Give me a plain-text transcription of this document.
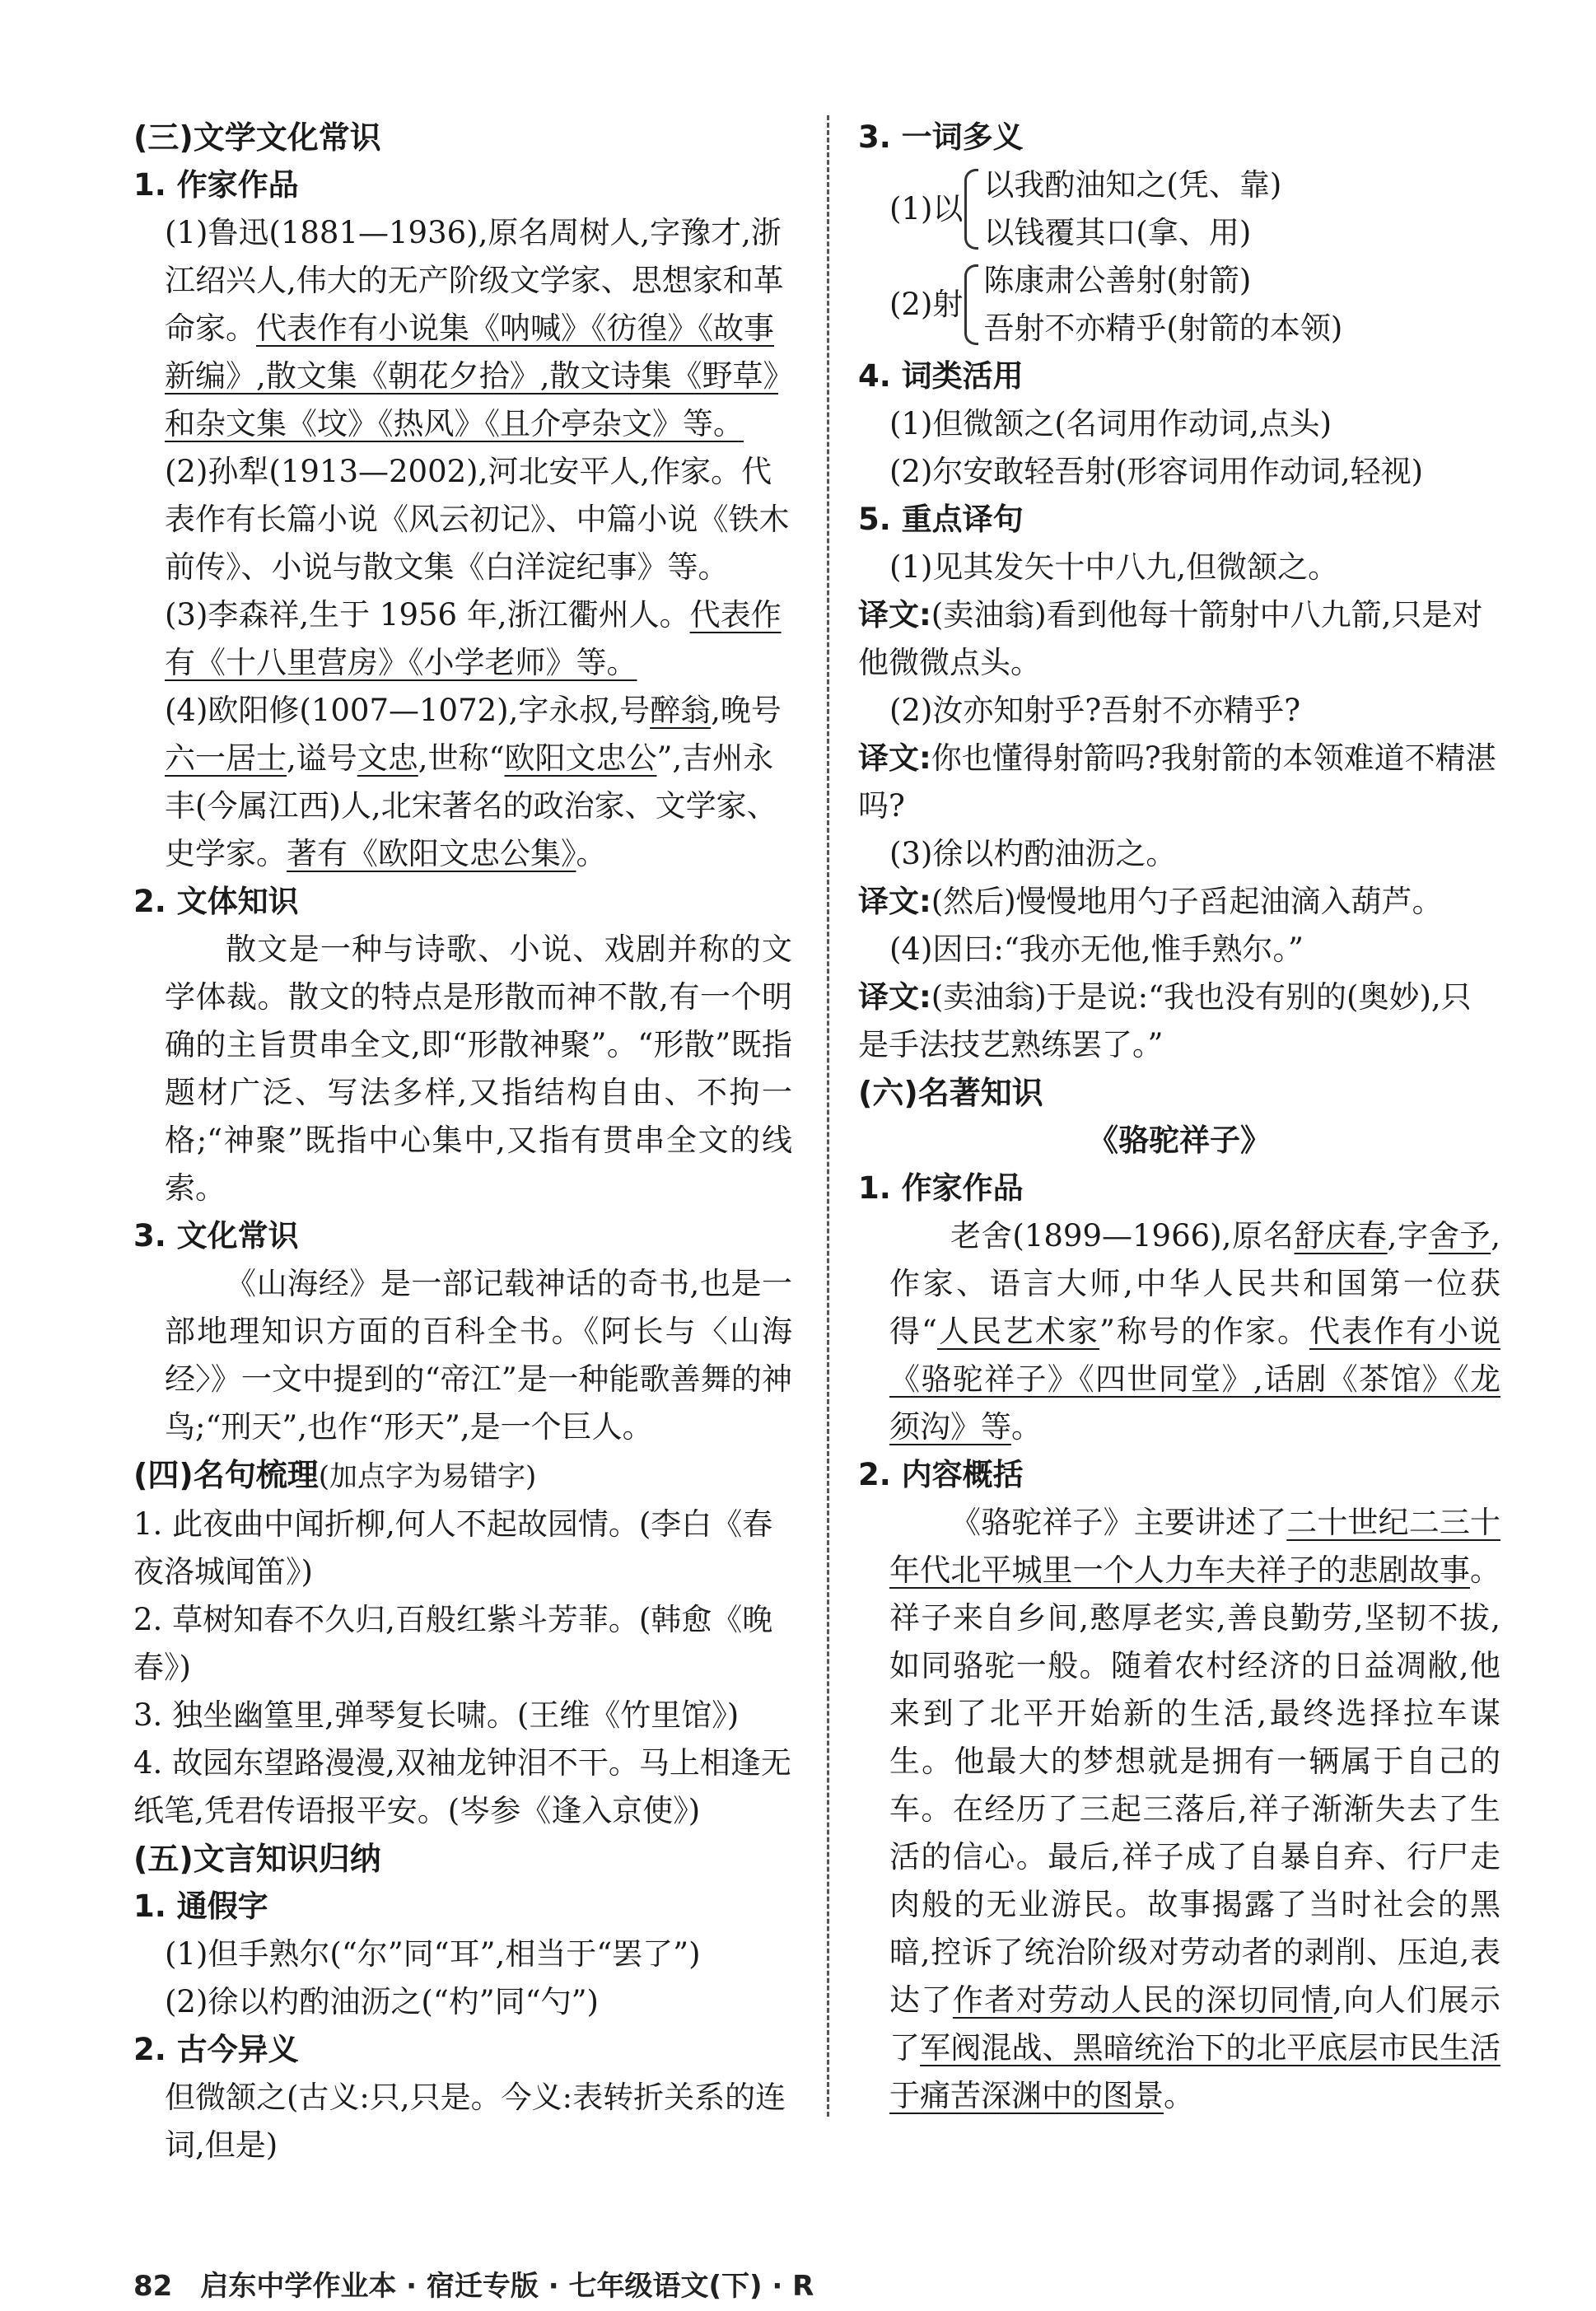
(三)文学文化常识
1. 作家作品
(1)鲁迅(1881—1936),原名周树人,字豫才,浙江绍兴人,伟大的无产阶级文学家、思想家和革命家。代表作有小说集《呐喊》《彷徨》《故事新编》,散文集《朝花夕拾》,散文诗集《野草》和杂文集《坟》《热风》《且介亭杂文》等。
(2)孙犁(1913—2002),河北安平人,作家。代表作有长篇小说《风云初记》、中篇小说《铁木前传》、小说与散文集《白洋淀纪事》等。
(3)李森祥,生于 1956 年,浙江衢州人。代表作有《十八里营房》《小学老师》等。
(4)欧阳修(1007—1072),字永叔,号醉翁,晚号六一居士,谥号文忠,世称“欧阳文忠公”,吉州永丰(今属江西)人,北宋著名的政治家、文学家、史学家。著有《欧阳文忠公集》。
2. 文体知识
散文是一种与诗歌、小说、戏剧并称的文学体裁。散文的特点是形散而神不散,有一个明确的主旨贯串全文,即“形散神聚”。“形散”既指题材广泛、写法多样,又指结构自由、不拘一格;“神聚”既指中心集中,又指有贯串全文的线索。
3. 文化常识
《山海经》是一部记载神话的奇书,也是一部地理知识方面的百科全书。《阿长与〈山海经〉》一文中提到的“帝江”是一种能歌善舞的神鸟;“刑天”,也作“形天”,是一个巨人。
(四)名句梳理(加点字为易错字)
1. 此夜曲中闻折柳,何人不起故园情。(李白《春夜洛城闻笛》)
2. 草树知春不久归,百般红紫斗芳菲。(韩愈《晚春》)
3. 独坐幽篁里,弹琴复长啸。(王维《竹里馆》)
4. 故园东望路漫漫,双袖龙钟泪不干。马上相逢无纸笔,凭君传语报平安。(岑参《逢入京使》)
(五)文言知识归纳
1. 通假字
(1)但手熟尔(“尔”同“耳”,相当于“罢了”)
(2)徐以杓酌油沥之(“杓”同“勺”)
2. 古今异义
但微颔之(古义:只,只是。今义:表转折关系的连词,但是)
3. 一词多义
(1)以
以我酌油知之(凭、靠)
以钱覆其口(拿、用)
(2)射
陈康肃公善射(射箭)
吾射不亦精乎(射箭的本领)
4. 词类活用
(1)但微颔之(名词用作动词,点头)
(2)尔安敢轻吾射(形容词用作动词,轻视)
5. 重点译句
(1)见其发矢十中八九,但微颔之。
译文:(卖油翁)看到他每十箭射中八九箭,只是对他微微点头。
(2)汝亦知射乎?吾射不亦精乎?
译文:你也懂得射箭吗?我射箭的本领难道不精湛吗?
(3)徐以杓酌油沥之。
译文:(然后)慢慢地用勺子舀起油滴入葫芦。
(4)因曰:“我亦无他,惟手熟尔。”
译文:(卖油翁)于是说:“我也没有别的(奥妙),只是手法技艺熟练罢了。”
(六)名著知识
《骆驼祥子》
1. 作家作品
老舍(1899—1966),原名舒庆春,字舍予,作家、语言大师,中华人民共和国第一位获得“人民艺术家”称号的作家。代表作有小说《骆驼祥子》《四世同堂》,话剧《茶馆》《龙须沟》等。
2. 内容概括
《骆驼祥子》主要讲述了二十世纪二三十年代北平城里一个人力车夫祥子的悲剧故事。祥子来自乡间,憨厚老实,善良勤劳,坚韧不拔,如同骆驼一般。随着农村经济的日益凋敝,他来到了北平开始新的生活,最终选择拉车谋生。他最大的梦想就是拥有一辆属于自己的车。在经历了三起三落后,祥子渐渐失去了生活的信心。最后,祥子成了自暴自弃、行尸走肉般的无业游民。故事揭露了当时社会的黑暗,控诉了统治阶级对劳动者的剥削、压迫,表达了作者对劳动人民的深切同情,向人们展示了军阀混战、黑暗统治下的北平底层市民生活于痛苦深渊中的图景。
82 启东中学作业本 · 宿迁专版 · 七年级语文(下) · R
